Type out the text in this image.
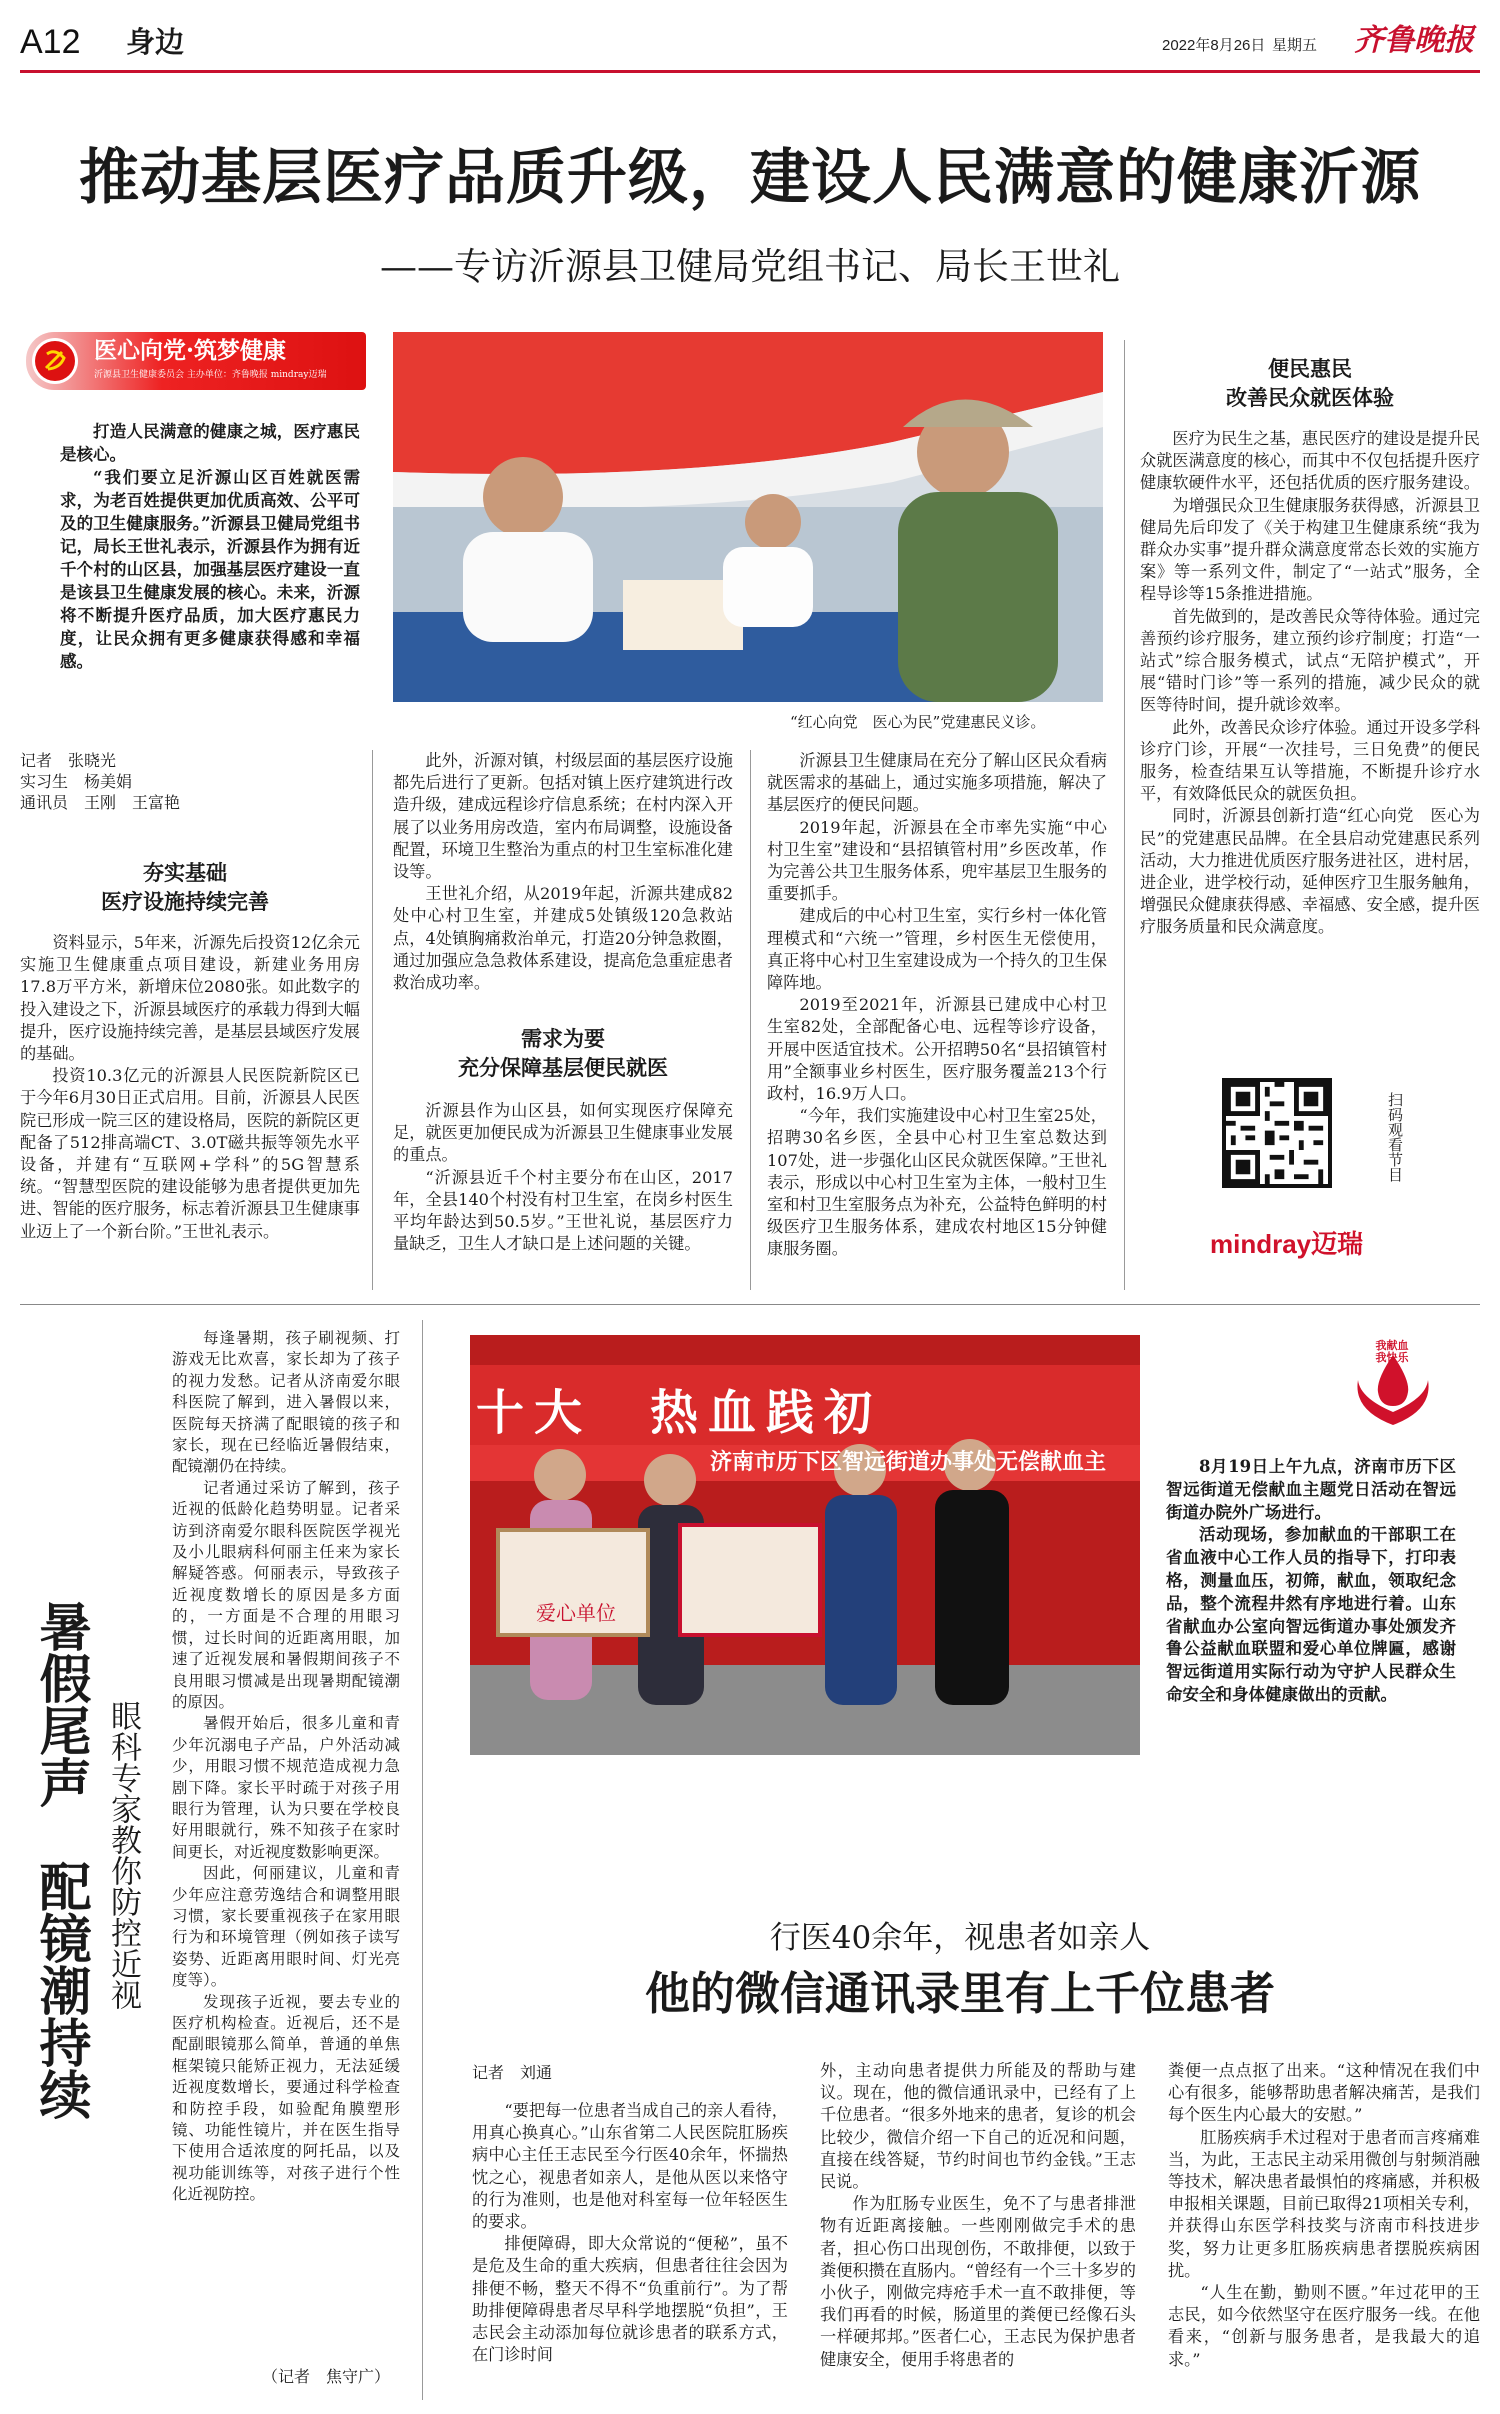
A12 身边	2022年8月26日 星期五 齐鲁晚报
推动基层医疗品质升级，建设人民满意的健康沂源
——专访沂源县卫健局党组书记、局长王世礼
医心向党·筑梦健康
沂源县卫生健康委员会 主办单位：齐鲁晚报 mindray迈瑞

打造人民满意的健康之城，医疗惠民是核心。

“我们要立足沂源山区百姓就医需求，为老百姓提供更加优质高效、公平可及的卫生健康服务。”沂源县卫健局党组书记，局长王世礼表示，沂源县作为拥有近千个村的山区县，加强基层医疗建设一直是该县卫生健康发展的核心。未来，沂源将不断提升医疗品质，加大医疗惠民力度，让民众拥有更多健康获得感和幸福感。

“红心向党　医心为民”党建惠民义诊。
记者　 张晓光
实习生　 杨美娟
通讯员　 王刚　王富艳
夯实基础
医疗设施持续完善

资料显示，5年来，沂源先后投资12亿余元实施卫生健康重点项目建设，新建业务用房17.8万平方米，新增床位2080张。如此数字的投入建设之下，沂源县域医疗的承载力得到大幅提升，医疗设施持续完善，是基层县域医疗发展的基础。

投资10.3亿元的沂源县人民医院新院区已于今年6月30日正式启用。目前，沂源县人民医院已形成一院三区的建设格局，医院的新院区更配备了512排高端CT、3.0T磁共振等领先水平设备，并建有“互联网+学科”的5G智慧系统。“智慧型医院的建设能够为患者提供更加先进、智能的医疗服务，标志着沂源县卫生健康事业迈上了一个新台阶。”王世礼表示。

此外，沂源对镇，村级层面的基层医疗设施都先后进行了更新。包括对镇上医疗建筑进行改造升级，建成远程诊疗信息系统；在村内深入开展了以业务用房改造，室内布局调整，设施设备配置，环境卫生整治为重点的村卫生室标准化建设等。

王世礼介绍，从2019年起，沂源共建成82处中心村卫生室，并建成5处镇级120急救站点，4处镇胸痛救治单元，打造20分钟急救圈，通过加强应急急救体系建设，提高危急重症患者救治成功率。

需求为要
充分保障基层便民就医

沂源县作为山区县，如何实现医疗保障充足，就医更加便民成为沂源县卫生健康事业发展的重点。

“沂源县近千个村主要分布在山区，2017年，全县140个村没有村卫生室，在岗乡村医生平均年龄达到50.5岁。”王世礼说，基层医疗力量缺乏，卫生人才缺口是上述问题的关键。

沂源县卫生健康局在充分了解山区民众看病就医需求的基础上，通过实施多项措施，解决了基层医疗的便民问题。

2019年起，沂源县在全市率先实施“中心村卫生室”建设和“县招镇管村用”乡医改革，作为完善公共卫生服务体系，兜牢基层卫生服务的重要抓手。

建成后的中心村卫生室，实行乡村一体化管理模式和“六统一”管理，乡村医生无偿使用，真正将中心村卫生室建设成为一个持久的卫生保障阵地。

2019至2021年，沂源县已建成中心村卫生室82处，全部配备心电、远程等诊疗设备，开展中医适宜技术。公开招聘50名“县招镇管村用”全额事业乡村医生，医疗服务覆盖213个行政村，16.9万人口。

“今年，我们实施建设中心村卫生室25处，招聘30名乡医，全县中心村卫生室总数达到107处，进一步强化山区民众就医保障。”王世礼表示，形成以中心村卫生室为主体，一般村卫生室和村卫生室服务点为补充，公益特色鲜明的村级医疗卫生服务体系，建成农村地区15分钟健康服务圈。

便民惠民
改善民众就医体验

医疗为民生之基，惠民医疗的建设是提升民众就医满意度的核心，而其中不仅包括提升医疗健康软硬件水平，还包括优质的医疗服务建设。

为增强民众卫生健康服务获得感，沂源县卫健局先后印发了《关于构建卫生健康系统“我为群众办实事”提升群众满意度常态长效的实施方案》等一系列文件，制定了“一站式”服务，全程导诊等15条推进措施。

首先做到的，是改善民众等待体验。通过完善预约诊疗服务，建立预约诊疗制度；打造“一站式”综合服务模式，试点“无陪护模式”，开展“错时门诊”等一系列的措施，减少民众的就医等待时间，提升就诊效率。

此外，改善民众诊疗体验。通过开设多学科诊疗门诊，开展“一次挂号，三日免费”的便民服务，检查结果互认等措施，不断提升诊疗水平，有效降低民众的就医负担。

同时，沂源县创新打造“红心向党　医心为民”的党建惠民品牌。在全县启动党建惠民系列活动，大力推进优质医疗服务进社区，进村居，进企业，进学校行动，延伸医疗卫生服务触角，增强民众健康获得感、幸福感、安全感，提升医疗服务质量和民众满意度。

扫码观看节目
mindray迈瑞
暑假尾声　配镜潮持续 眼科专家教你防控近视

每逢暑期，孩子刷视频、打游戏无比欢喜，家长却为了孩子的视力发愁。记者从济南爱尔眼科医院了解到，进入暑假以来，医院每天挤满了配眼镜的孩子和家长，现在已经临近暑假结束，配镜潮仍在持续。

记者通过采访了解到，孩子近视的低龄化趋势明显。记者采访到济南爱尔眼科医院医学视光及小儿眼病科何丽主任来为家长解疑答惑。何丽表示，导致孩子近视度数增长的原因是多方面的，一方面是不合理的用眼习惯，过长时间的近距离用眼，加速了近视发展和暑假期间孩子不良用眼习惯减是出现暑期配镜潮的原因。

暑假开始后，很多儿童和青少年沉溺电子产品，户外活动减少，用眼习惯不规范造成视力急剧下降。家长平时疏于对孩子用眼行为管理，认为只要在学校良好用眼就行，殊不知孩子在家时间更长，对近视度数影响更深。

因此，何丽建议，儿童和青少年应注意劳逸结合和调整用眼习惯，家长要重视孩子在家用眼行为和环境管理（例如孩子读写姿势、近距离用眼时间、灯光亮度等）。

发现孩子近视，要去专业的医疗机构检查。近视后，还不是配副眼镜那么简单，普通的单焦框架镜只能矫正视力，无法延缓近视度数增长，要通过科学检查和防控手段，如验配角膜塑形镜、功能性镜片，并在医生指导下使用合适浓度的阿托品，以及视功能训练等，对孩子进行个性化近视防控。

（记者　焦守广）
十大　热血践初
济南市历下区智远街道办事处无偿献血主
爱心单位
我献血 我快乐

8月19日上午九点，济南市历下区智远街道无偿献血主题党日活动在智远街道办院外广场进行。

活动现场，参加献血的干部职工在省血液中心工作人员的指导下，打印表格，测量血压，初筛，献血，领取纪念品，整个流程井然有序地进行着。山东省献血办公室向智远街道办事处颁发齐鲁公益献血联盟和爱心单位牌匾，感谢智远街道用实际行动为守护人民群众生命安全和身体健康做出的贡献。

行医40余年，视患者如亲人
他的微信通讯录里有上千位患者
记者　刘通

“要把每一位患者当成自己的亲人看待，用真心换真心。”山东省第二人民医院肛肠疾病中心主任王志民至今行医40余年，怀揣热忱之心，视患者如亲人，是他从医以来恪守的行为准则，也是他对科室每一位年轻医生的要求。

排便障碍，即大众常说的“便秘”，虽不是危及生命的重大疾病，但患者往往会因为排便不畅，整天不得不“负重前行”。为了帮助排便障碍患者尽早科学地摆脱“负担”，王志民会主动添加每位就诊患者的联系方式，在门诊时间

外，主动向患者提供力所能及的帮助与建议。现在，他的微信通讯录中，已经有了上千位患者。“很多外地来的患者，复诊的机会比较少，微信介绍一下自己的近况和问题，直接在线答疑，节约时间也节约金钱。”王志民说。

作为肛肠专业医生，免不了与患者排泄物有近距离接触。一些刚刚做完手术的患者，担心伤口出现创伤，不敢排便，以致于粪便积攒在直肠内。“曾经有一个三十多岁的小伙子，刚做完痔疮手术一直不敢排便，等我们再看的时候，肠道里的粪便已经像石头一样硬邦邦。”医者仁心，王志民为保护患者健康安全，便用手将患者的

粪便一点点抠了出来。“这种情况在我们中心有很多，能够帮助患者解决痛苦，是我们每个医生内心最大的安慰。”

肛肠疾病手术过程对于患者而言疼痛难当，为此，王志民主动采用微创与射频消融等技术，解决患者最惧怕的疼痛感，并积极申报相关课题，目前已取得21项相关专利，并获得山东医学科技奖与济南市科技进步奖，努力让更多肛肠疾病患者摆脱疾病困扰。

“人生在勤，勤则不匮。”年过花甲的王志民，如今依然坚守在医疗服务一线。在他看来，“创新与服务患者，是我最大的追求。”
